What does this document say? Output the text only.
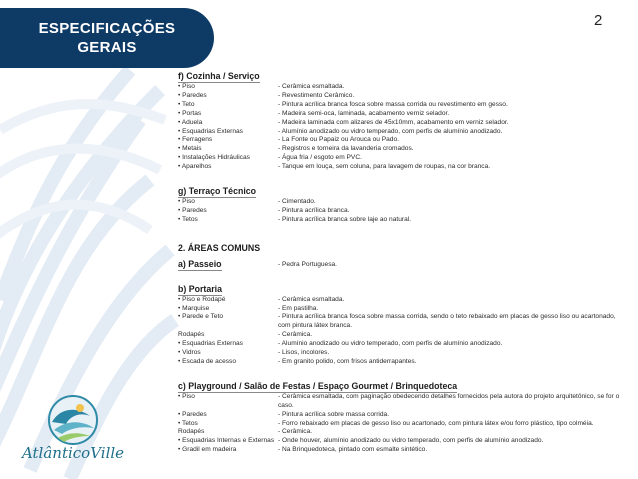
ESPECIFICAÇÕES
GERAIS
2
f) Cozinha / Serviço
• Piso	- Cerâmica esmaltada.
• Paredes	- Revestimento Cerâmico.
• Teto	- Pintura acrílica branca fosca sobre massa corrida ou revestimento em gesso.
• Portas	- Madeira semi-oca, laminada, acabamento verniz selador.
• Aduela	- Madeira laminada com alizares de 45x10mm, acabamento em verniz selador.
• Esquadrias Externas	- Alumínio anodizado ou vidro temperado, com perfis de alumínio anodizado.
• Ferragens	- La Fonte ou Papaiz ou Arouca ou Pado.
• Metais	- Registros e torneira da lavanderia cromados.
• Instalações Hidráulicas	- Água fria / esgoto em PVC.
• Aparelhos	- Tanque em louça, sem coluna, para lavagem de roupas, na cor branca.
g) Terraço Técnico
• Piso	- Cimentado.
• Paredes	- Pintura acrílica branca.
• Tetos	- Pintura acrílica branca sobre laje ao natural.
2. ÁREAS COMUNS
a) Passeio	- Pedra Portuguesa.
b) Portaria
• Piso e Rodapé	- Cerâmica esmaltada.
• Marquise	- Em pastilha.
• Parede e Teto	- Pintura acrílica branca fosca sobre massa corrida, sendo o teto rebaixado em placas de gesso liso ou acartonado, com pintura látex branca.
Rodapés	- Cerâmica.
• Esquadrias Externas	- Alumínio anodizado ou vidro temperado, com perfis de alumínio anodizado.
• Vidros	- Lisos, incolores.
• Escada de acesso	- Em granito polido, com frisos antiderrapantes.
c) Playground / Salão de Festas / Espaço Gourmet / Brinquedoteca
• Piso	- Cerâmica esmaltada, com paginação obedecendo detalhes fornecidos pela autora do projeto arquitetônico, se for o caso.
• Paredes	- Pintura acrílica sobre massa corrida.
• Tetos	- Forro rebaixado em placas de gesso liso ou acartonado, com pintura látex e/ou forro plástico, tipo colméia.
Rodapés	- Cerâmica.
• Esquadrias Internas e Externas - Onde houver, alumínio anodizado ou vidro temperado, com perfis de alumínio anodizado.
• Gradil em madeira	- Na Brinquedoteca, pintado com esmalte sintético.
AtlânticoVille
